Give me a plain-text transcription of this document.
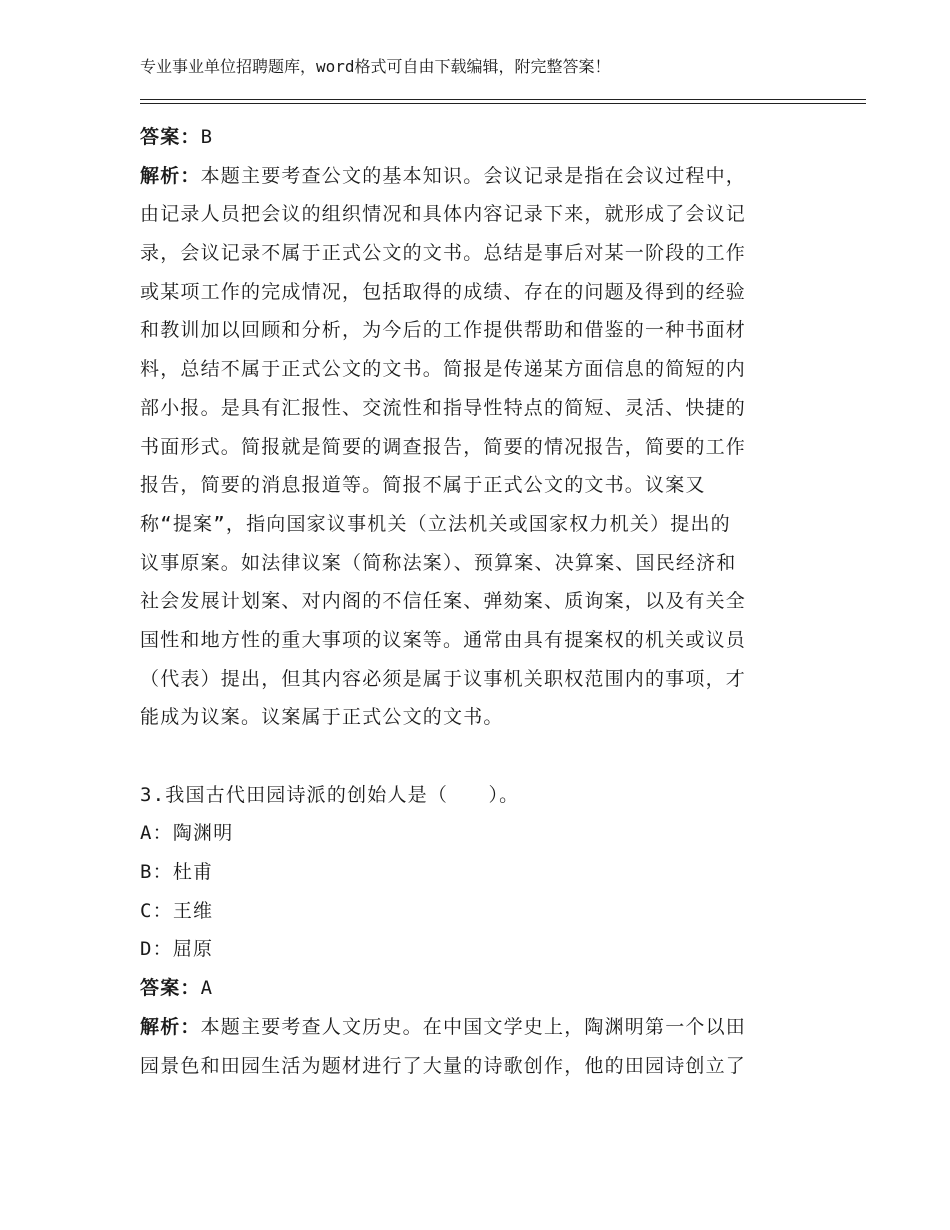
专业事业单位招聘题库，word格式可自由下载编辑，附完整答案！
答案：B
解析：本题主要考查公文的基本知识。会议记录是指在会议过程中，
由记录人员把会议的组织情况和具体内容记录下来，就形成了会议记
录，会议记录不属于正式公文的文书。总结是事后对某一阶段的工作
或某项工作的完成情况，包括取得的成绩、存在的问题及得到的经验
和教训加以回顾和分析，为今后的工作提供帮助和借鉴的一种书面材
料，总结不属于正式公文的文书。简报是传递某方面信息的简短的内
部小报。是具有汇报性、交流性和指导性特点的简短、灵活、快捷的
书面形式。简报就是简要的调查报告，简要的情况报告，简要的工作
报告，简要的消息报道等。简报不属于正式公文的文书。议案又
称“提案”，指向国家议事机关（立法机关或国家权力机关）提出的
议事原案。如法律议案（简称法案）、预算案、决算案、国民经济和
社会发展计划案、对内阁的不信任案、弹劾案、质询案，以及有关全
国性和地方性的重大事项的议案等。通常由具有提案权的机关或议员
（代表）提出，但其内容必须是属于议事机关职权范围内的事项，才
能成为议案。议案属于正式公文的文书。
3.我国古代田园诗派的创始人是（　　）。
A：陶渊明
B：杜甫
C：王维
D：屈原
答案：A
解析：本题主要考查人文历史。在中国文学史上，陶渊明第一个以田
园景色和田园生活为题材进行了大量的诗歌创作，他的田园诗创立了
